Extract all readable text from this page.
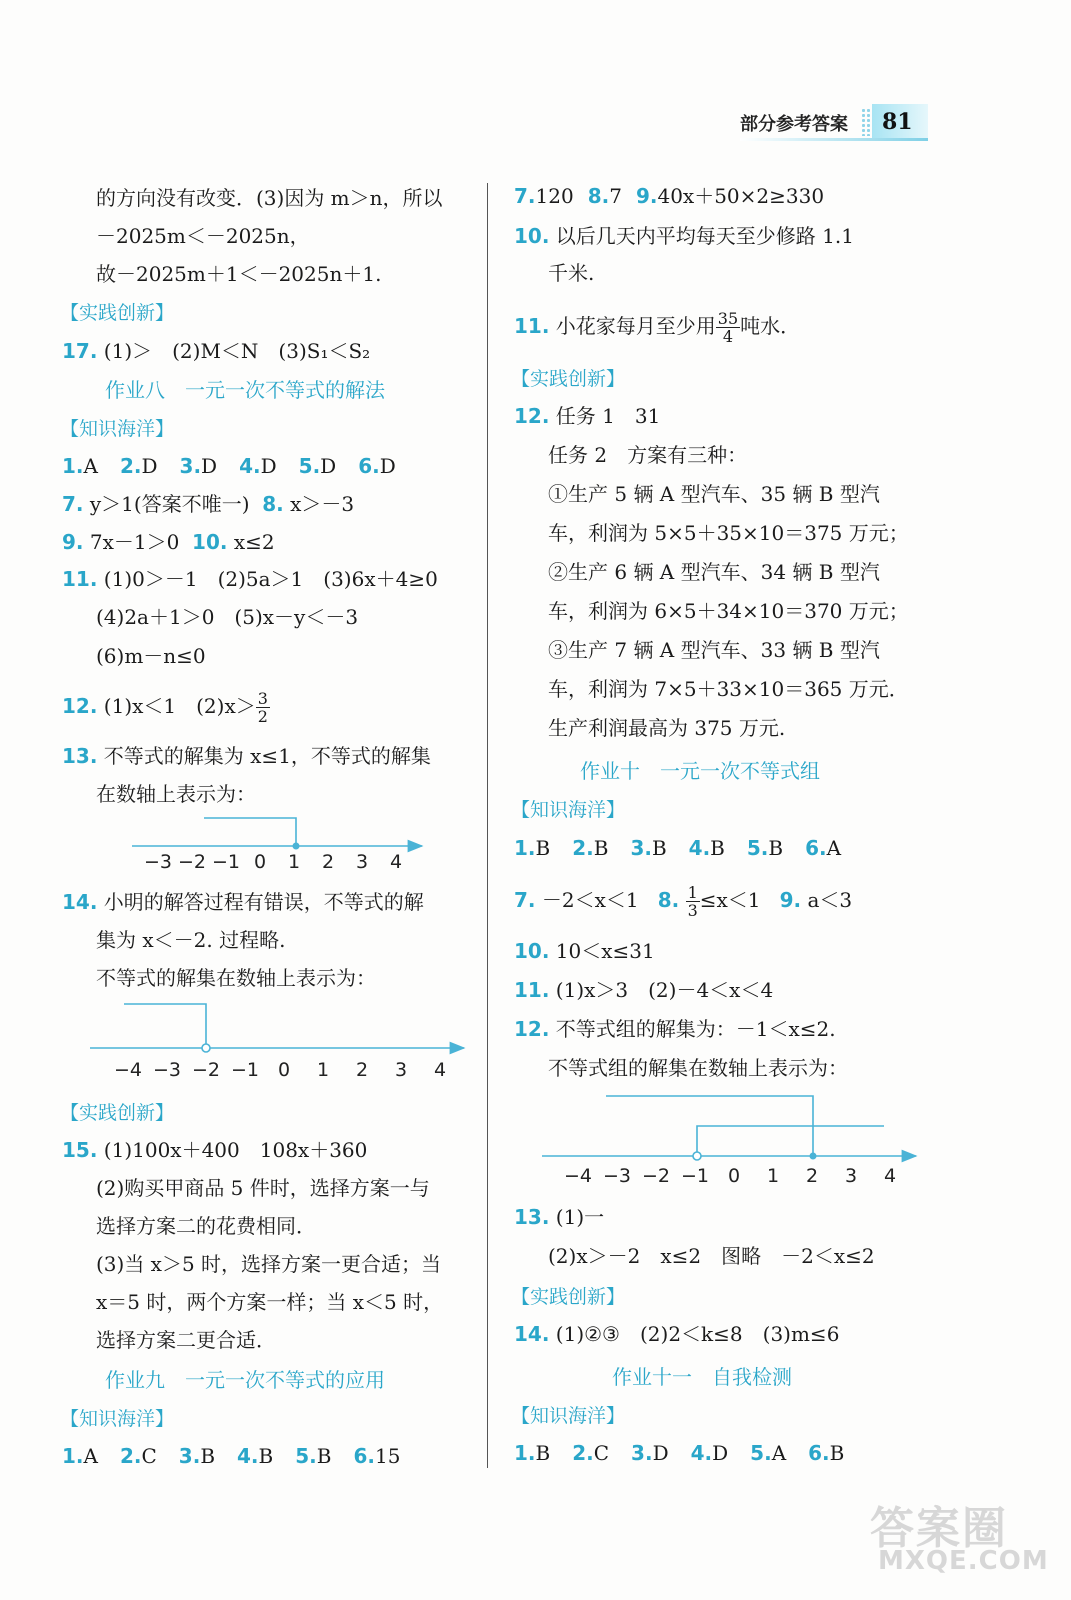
部分参考答案	81
的方向没有改变．(3)因为 m＞n，所以
－2025m＜－2025n，
故－2025m＋1＜－2025n＋1.
【实践创新】
17. (1)＞　(2)M＜N　(3)S₁＜S₂
作业八　一元一次不等式的解法
【知识海洋】
1.A 2.D 3.D 4.D 5.D 6.D
7. y＞1(答案不唯一) 8. x＞－3
9. 7x－1＞0 10. x≤2
11. (1)0＞－1　(2)5a＞1　(3)6x＋4≥0
(4)2a＋1＞0　(5)x－y＜－3
(6)m－n≤0
12. (1)x＜1　$(2)x> \frac{3}{2}$
13. 不等式的解集为 x≤1，不等式的解集
在数轴上表示为：
−3 −2 −1 0 1 2 3 4
14. 小明的解答过程有错误，不等式的解
集为 x＜－2. 过程略.
不等式的解集在数轴上表示为：
−4 −3 −2 −1 0 1 2 3 4
【实践创新】
15. (1)100x＋400　108x＋360
(2)购买甲商品 5 件时，选择方案一与
选择方案二的花费相同．
(3)当 x＞5 时，选择方案一更合适；当
x＝5 时，两个方案一样；当 x＜5 时，
选择方案二更合适．
作业九　一元一次不等式的应用
【知识海洋】
1.A 2.C 3.B 4.B 5.B 6.15
7.120 8.7 9.40x＋50×2≥330
10. 以后几天内平均每天至少修路 1.1
千米.
11. 小花家每月至少用 $\frac{35}{4}$ 吨水．
【实践创新】
12. 任务 1　31
任务 2　方案有三种：
①生产 5 辆 A 型汽车、35 辆 B 型汽
车，利润为 5×5＋35×10＝375 万元；
②生产 6 辆 A 型汽车、34 辆 B 型汽
车，利润为 6×5＋34×10＝370 万元；
③生产 7 辆 A 型汽车、33 辆 B 型汽
车，利润为 7×5＋33×10＝365 万元．
生产利润最高为 375 万元.
作业十　一元一次不等式组
【知识海洋】
1.B 2.B 3.B 4.B 5.B 6.A
7. －2＜x＜1 8. $\frac{1}{3} \le x<1$ 9. a＜3
10. 10＜x≤31
11. (1)x＞3　(2)－4＜x＜4
12. 不等式组的解集为：－1＜x≤2.
不等式组的解集在数轴上表示为：
−4 −3 −2 −1 0 1 2 3 4
13. (1)一
(2)x＞－2　x≤2　图略　－2＜x≤2
【实践创新】
14. (1)②③　(2)2＜k≤8　(3)m≤6
作业十一　自我检测
【知识海洋】
1.B 2.C 3.D 4.D 5.A 6.B
答案圈
MXQE.COM
